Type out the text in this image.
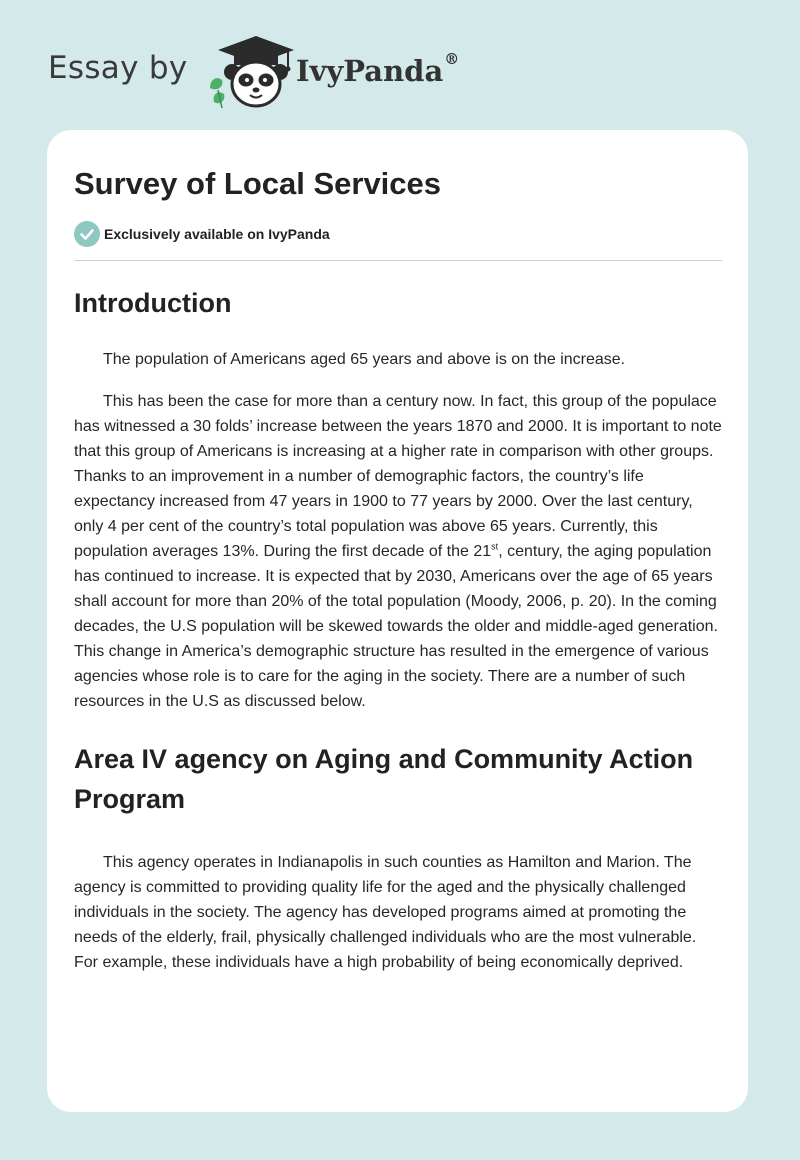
Essay by	IvyPanda®
Survey of Local Services
Exclusively available on IvyPanda
Introduction

The population of Americans aged 65 years and above is on the increase.

This has been the case for more than a century now. In fact, this group of the populace has witnessed a 30 folds’ increase between the years 1870 and 2000. It is important to note that this group of Americans is increasing at a higher rate in comparison with other groups. Thanks to an improvement in a number of demographic factors, the country’s life expectancy increased from 47 years in 1900 to 77 years by 2000. Over the last century, only 4 per cent of the country’s total population was above 65 years. Currently, this population averages 13%. During the first decade of the 21st, century, the aging population has continued to increase. It is expected that by 2030, Americans over the age of 65 years shall account for more than 20% of the total population (Moody, 2006, p. 20). In the coming decades, the U.S population will be skewed towards the older and middle-aged generation. This change in America’s demographic structure has resulted in the emergence of various agencies whose role is to care for the aging in the society. There are a number of such resources in the U.S as discussed below.

Area IV agency on Aging and Community Action Program

This agency operates in Indianapolis in such counties as Hamilton and Marion. The agency is committed to providing quality life for the aged and the physically challenged individuals in the society. The agency has developed programs aimed at promoting the needs of the elderly, frail, physically challenged individuals who are the most vulnerable. For example, these individuals have a high probability of being economically deprived.
